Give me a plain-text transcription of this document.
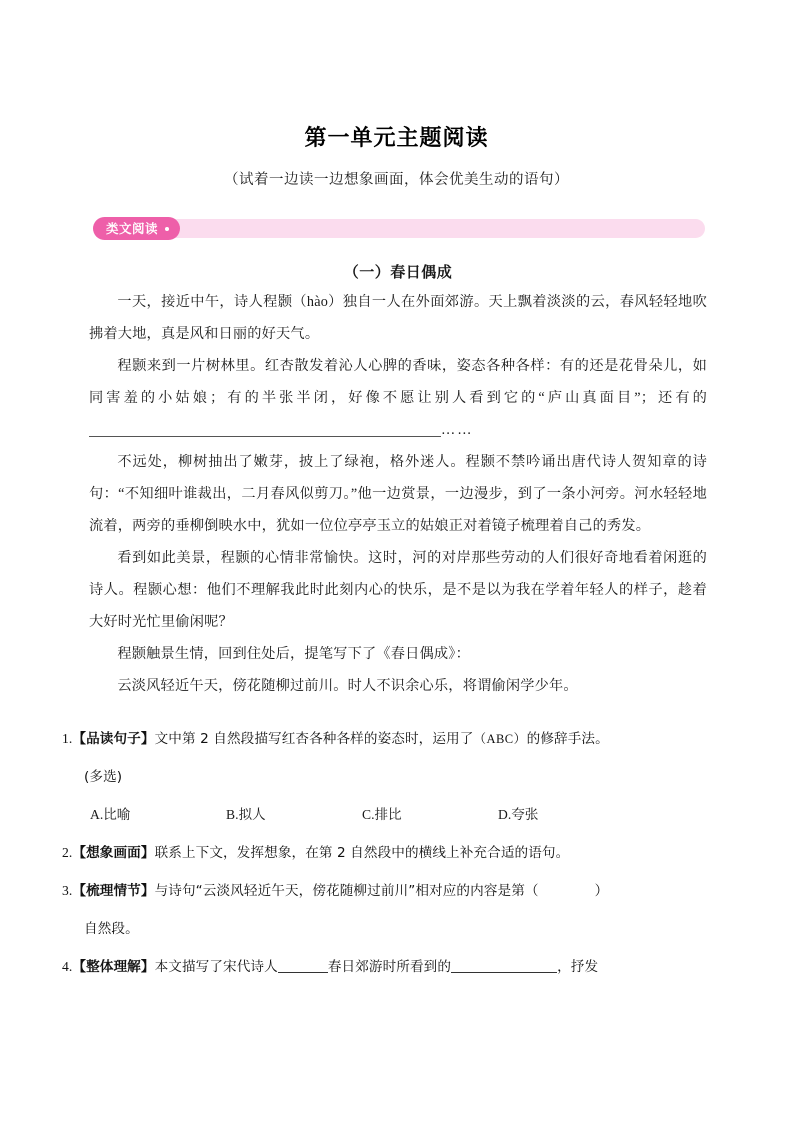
第一单元主题阅读
（试着一边读一边想象画面，体会优美生动的语句）
类文阅读
（一）春日偶成

一天，接近中午，诗人程颢（hào）独自一人在外面郊游。天上飘着淡淡的云，春风轻轻地吹拂着大地，真是风和日丽的好天气。

程颢来到一片树林里。红杏散发着沁人心脾的香味，姿态各种各样：有的还是花骨朵儿，如同害羞的小姑娘；有的半张半闭，好像不愿让别人看到它的“庐山真面目”；还有的……

不远处，柳树抽出了嫩芽，披上了绿袍，格外迷人。程颢不禁吟诵出唐代诗人贺知章的诗句：“不知细叶谁裁出，二月春风似剪刀。”他一边赏景，一边漫步，到了一条小河旁。河水轻轻地流着，两旁的垂柳倒映水中，犹如一位位亭亭玉立的姑娘正对着镜子梳理着自己的秀发。

看到如此美景，程颢的心情非常愉快。这时，河的对岸那些劳动的人们很好奇地看着闲逛的诗人。程颢心想：他们不理解我此时此刻内心的快乐，是不是以为我在学着年轻人的样子，趁着大好时光忙里偷闲呢？

程颢触景生情，回到住处后，提笔写下了《春日偶成》：

云淡风轻近午天，傍花随柳过前川。时人不识余心乐，将谓偷闲学少年。

1.【品读句子】文中第 2 自然段描写红杏各种各样的姿态时，运用了（ABC）的修辞手法。
(多选)
A.比喻	B.拟人	C.排比	D.夸张
2.【想象画面】联系上下文，发挥想象，在第 2 自然段中的横线上补充合适的语句。
3.【梳理情节】与诗句“云淡风轻近午天，傍花随柳过前川”相对应的内容是第（	）
自然段。
4.【整体理解】本文描写了宋代诗人	春日郊游时所看到的	，抒发
